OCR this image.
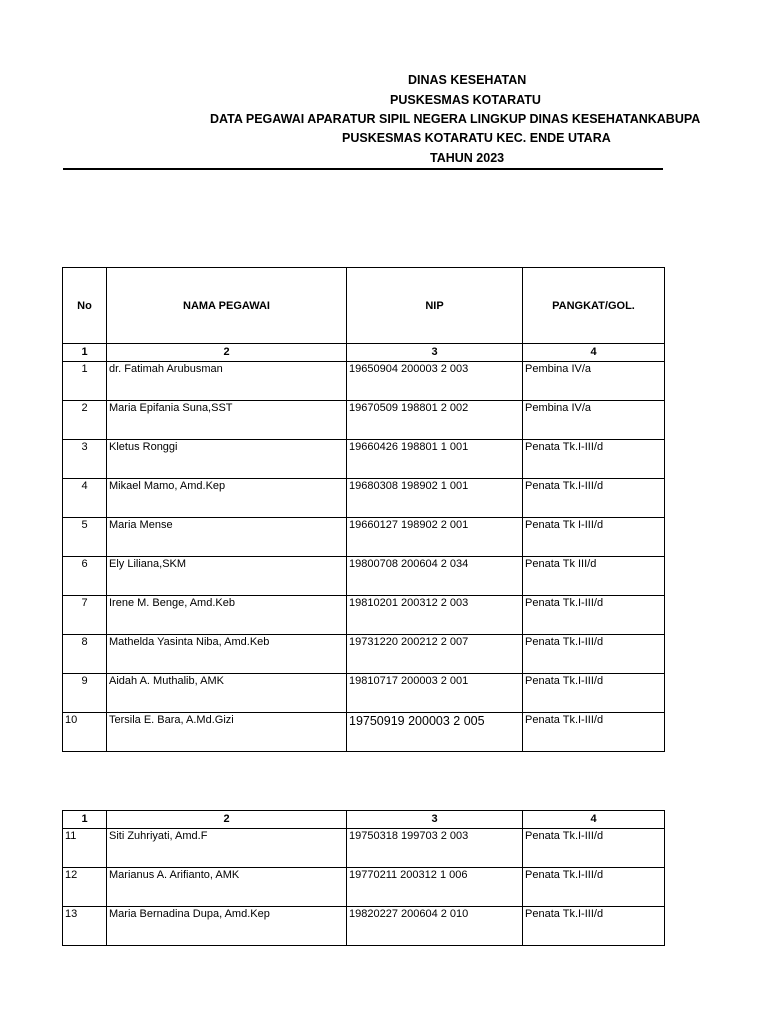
DINAS KESEHATAN
PUSKESMAS KOTARATU
DATA PEGAWAI APARATUR SIPIL NEGERA LINGKUP DINAS KESEHATANKABUPA
PUSKESMAS KOTARATU KEC. ENDE UTARA
TAHUN 2023
No	NAMA PEGAWAI	NIP	PANGKAT/GOL.
1	2	3	4
1	dr. Fatimah Arubusman	19650904 200003 2 003	Pembina IV/a
2	Maria Epifania Suna,SST	19670509 198801 2 002	Pembina IV/a
3	Kletus Ronggi	19660426 198801 1 001	Penata Tk.I-III/d
4	Mikael Mamo, Amd.Kep	19680308 198902 1 001	Penata Tk.I-III/d
5	Maria Mense	19660127 198902 2 001	Penata Tk I-III/d
6	Ely Liliana,SKM	19800708 200604 2 034	Penata Tk III/d
7	Irene M. Benge, Amd.Keb	19810201 200312 2 003	Penata Tk.I-III/d
8	Mathelda Yasinta Niba, Amd.Keb	19731220 200212 2 007	Penata Tk.I-III/d
9	Aidah A. Muthalib, AMK	19810717 200003 2 001	Penata Tk.I-III/d
10	Tersila E. Bara, A.Md.Gizi	19750919 200003 2 005	Penata Tk.I-III/d
1	2	3	4
11	Siti Zuhriyati, Amd.F	19750318 199703 2 003	Penata Tk.I-III/d
12	Marianus A. Arifianto, AMK	19770211 200312 1 006	Penata Tk.I-III/d
13	Maria Bernadina Dupa, Amd.Kep	19820227 200604 2 010	Penata Tk.I-III/d
